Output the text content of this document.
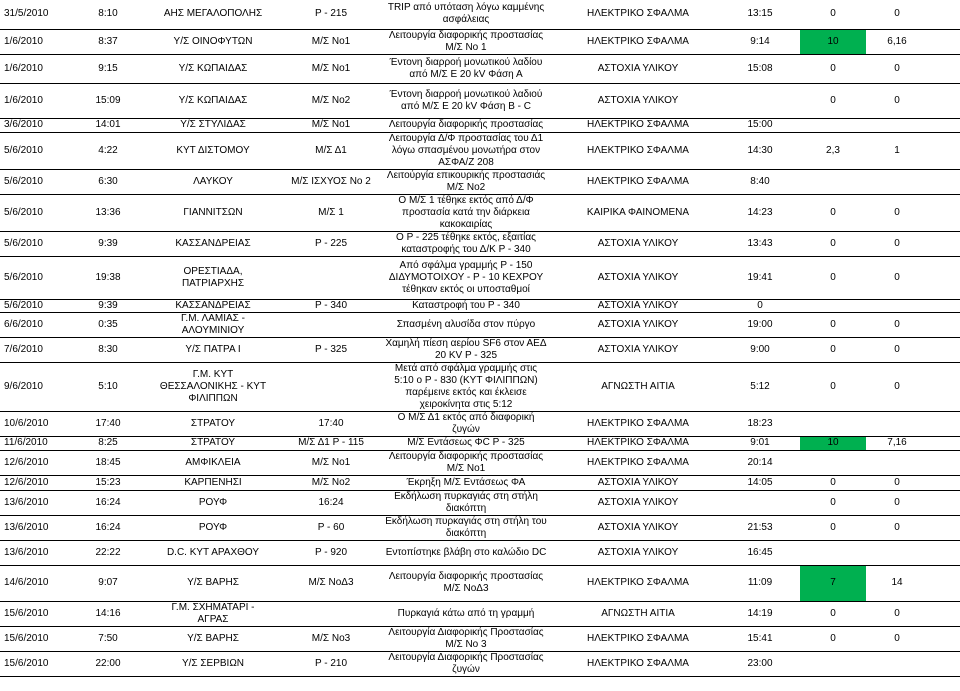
31/5/2010	8:10	ΑΗΣ ΜΕΓΑΛΟΠΟΛΗΣ	Ρ - 215	TRIP από υπόταση λόγω καμμένης
ασφάλειας	ΗΛΕΚΤΡΙΚΟ ΣΦΑΛΜΑ	13:15	0	0	
1/6/2010	8:37	Υ/Σ ΟΙΝΟΦΥΤΩΝ	Μ/Σ Νο1	Λειτουργία διαφορικής προστασίας
Μ/Σ Νο 1	ΗΛΕΚΤΡΙΚΟ ΣΦΑΛΜΑ	9:14	10	6,16	
1/6/2010	9:15	Υ/Σ ΚΩΠΑΙΔΑΣ	Μ/Σ Νο1	Έντονη διαρροή μονωτικού λαδίου
από Μ/Σ Ε 20 kV Φάση Α	ΑΣΤΟΧΙΑ ΥΛΙΚΟΥ	15:08	0	0	
1/6/2010	15:09	Υ/Σ ΚΩΠΑΙΔΑΣ	Μ/Σ Νο2	Έντονη διαρροή μονωτικού λαδιού
από Μ/Σ Ε 20 kV Φάση Β - C	ΑΣΤΟΧΙΑ ΥΛΙΚΟΥ		0	0	
3/6/2010	14:01	Υ/Σ ΣΤΥΛΙΔΑΣ	Μ/Σ Νο1	Λειτουργία διαφορικής προστασίας	ΗΛΕΚΤΡΙΚΟ ΣΦΑΛΜΑ	15:00			
5/6/2010	4:22	ΚΥΤ ΔΙΣΤΟΜΟΥ	Μ/Σ Δ1	Λειτουργία Δ/Φ προστασίας του Δ1
λόγω σπασμένου μονωτήρα στον
ΑΣΦΑ/Ζ 208	ΗΛΕΚΤΡΙΚΟ ΣΦΑΛΜΑ	14:30	2,3	1	
5/6/2010	6:30	ΛΑΥΚΟΥ	Μ/Σ ΙΣΧΥΟΣ Νο 2	Λειτούργία επικουρικής προστασιάς
Μ/Σ Νο2	ΗΛΕΚΤΡΙΚΟ ΣΦΑΛΜΑ	8:40			
5/6/2010	13:36	ΓΙΑΝΝΙΤΣΩΝ	Μ/Σ 1	Ο Μ/Σ 1 τέθηκε εκτός από Δ/Φ
προστασία κατά την διάρκεια
κακοκαιρίας	ΚΑΙΡΙΚΑ ΦΑΙΝΟΜΕΝΑ	14:23	0	0	
5/6/2010	9:39	ΚΑΣΣΑΝΔΡΕΙΑΣ	Ρ - 225	Ο Ρ - 225 τέθηκε εκτός, εξαιτίας
καταστροφής του Δ/Κ Ρ - 340	ΑΣΤΟΧΙΑ ΥΛΙΚΟΥ	13:43	0	0	
5/6/2010	19:38	ΟΡΕΣΤΙΑΔΑ,
ΠΑΤΡΙΑΡΧΗΣ		Από σφάλμα γραμμής Ρ - 150
ΔΙΔΥΜΟΤΟΙΧΟΥ - Ρ - 10 ΚΕΧΡΟΥ
τέθηκαν εκτός οι υποσταθμοί	ΑΣΤΟΧΙΑ ΥΛΙΚΟΥ	19:41	0	0	
5/6/2010	9:39	ΚΑΣΣΑΝΔΡΕΙΑΣ	Ρ - 340	Καταστροφή του Ρ - 340	ΑΣΤΟΧΙΑ ΥΛΙΚΟΥ	0			
6/6/2010	0:35	Γ.Μ. ΛΑΜΙΑΣ -
ΑΛΟΥΜΙΝΙΟΥ		Σπασμένη αλυσίδα στον πύργο	ΑΣΤΟΧΙΑ ΥΛΙΚΟΥ	19:00	0	0	
7/6/2010	8:30	Υ/Σ ΠΑΤΡΑ Ι	Ρ - 325	Χαμηλή πίεση αερίου SF6 στον ΑΕΔ
20 KV Ρ - 325	ΑΣΤΟΧΙΑ ΥΛΙΚΟΥ	9:00	0	0	
9/6/2010	5:10	Γ.Μ. ΚΥΤ
ΘΕΣΣΑΛΟΝΙΚΗΣ - ΚΥΤ
ΦΙΛΙΠΠΩΝ		Μετά από σφάλμα γραμμής στις
5:10 ο Ρ - 830 (ΚΥΤ ΦΙΛΙΠΠΩΝ)
παρέμεινε εκτός και έκλεισε
χειροκίνητα στις 5:12	ΑΓΝΩΣΤΗ ΑΙΤΙΑ	5:12	0	0	
10/6/2010	17:40	ΣΤΡΑΤΟΥ	17:40	Ο Μ/Σ Δ1 εκτός από διαφορική
ζυγών	ΗΛΕΚΤΡΙΚΟ ΣΦΑΛΜΑ	18:23			
11/6/2010	8:25	ΣΤΡΑΤΟΥ	Μ/Σ Δ1 Ρ - 115	Μ/Σ Εντάσεως ΦC Ρ - 325	ΗΛΕΚΤΡΙΚΟ ΣΦΑΛΜΑ	9:01	10	7,16	
12/6/2010	18:45	ΑΜΦΙΚΛΕΙΑ	Μ/Σ Νο1	Λειτουργία διαφορικής προστασίας
Μ/Σ Νο1	ΗΛΕΚΤΡΙΚΟ ΣΦΑΛΜΑ	20:14			
12/6/2010	15:23	ΚΑΡΠΕΝΗΣΙ	Μ/Σ Νο2	Έκρηξη Μ/Σ Εντάσεως ΦΑ	ΑΣΤΟΧΙΑ ΥΛΙΚΟΥ	14:05	0	0	
13/6/2010	16:24	ΡΟΥΦ	16:24	Εκδήλωση πυρκαγιάς στη στήλη
διακόπτη	ΑΣΤΟΧΙΑ ΥΛΙΚΟΥ		0	0	
13/6/2010	16:24	ΡΟΥΦ	Ρ - 60	Εκδήλωση πυρκαγιάς στη στήλη του
διακόπτη	ΑΣΤΟΧΙΑ ΥΛΙΚΟΥ	21:53	0	0	
13/6/2010	22:22	D.C. ΚΥΤ ΑΡΑΧΘΟΥ	Ρ - 920	Εντοπίστηκε βλάβη στο καλώδιο DC	ΑΣΤΟΧΙΑ ΥΛΙΚΟΥ	16:45			
14/6/2010	9:07	Υ/Σ ΒΑΡΗΣ	Μ/Σ ΝοΔ3	Λειτουργία διαφορικής προστασίας
Μ/Σ ΝοΔ3	ΗΛΕΚΤΡΙΚΟ ΣΦΑΛΜΑ	11:09	7	14	
15/6/2010	14:16	Γ.Μ. ΣΧΗΜΑΤΑΡΙ -
ΑΓΡΑΣ		Πυρκαγιά κάτω από τη γραμμή	ΑΓΝΩΣΤΗ ΑΙΤΙΑ	14:19	0	0	
15/6/2010	7:50	Υ/Σ ΒΑΡΗΣ	Μ/Σ Νο3	Λειτουργία Διαφορικής Προστασίας
Μ/Σ Νο 3	ΗΛΕΚΤΡΙΚΟ ΣΦΑΛΜΑ	15:41	0	0	
15/6/2010	22:00	Υ/Σ ΣΕΡΒΙΩΝ	Ρ - 210	Λειτουργία Διαφορικής Προστασίας
ζυγών	ΗΛΕΚΤΡΙΚΟ ΣΦΑΛΜΑ	23:00			
